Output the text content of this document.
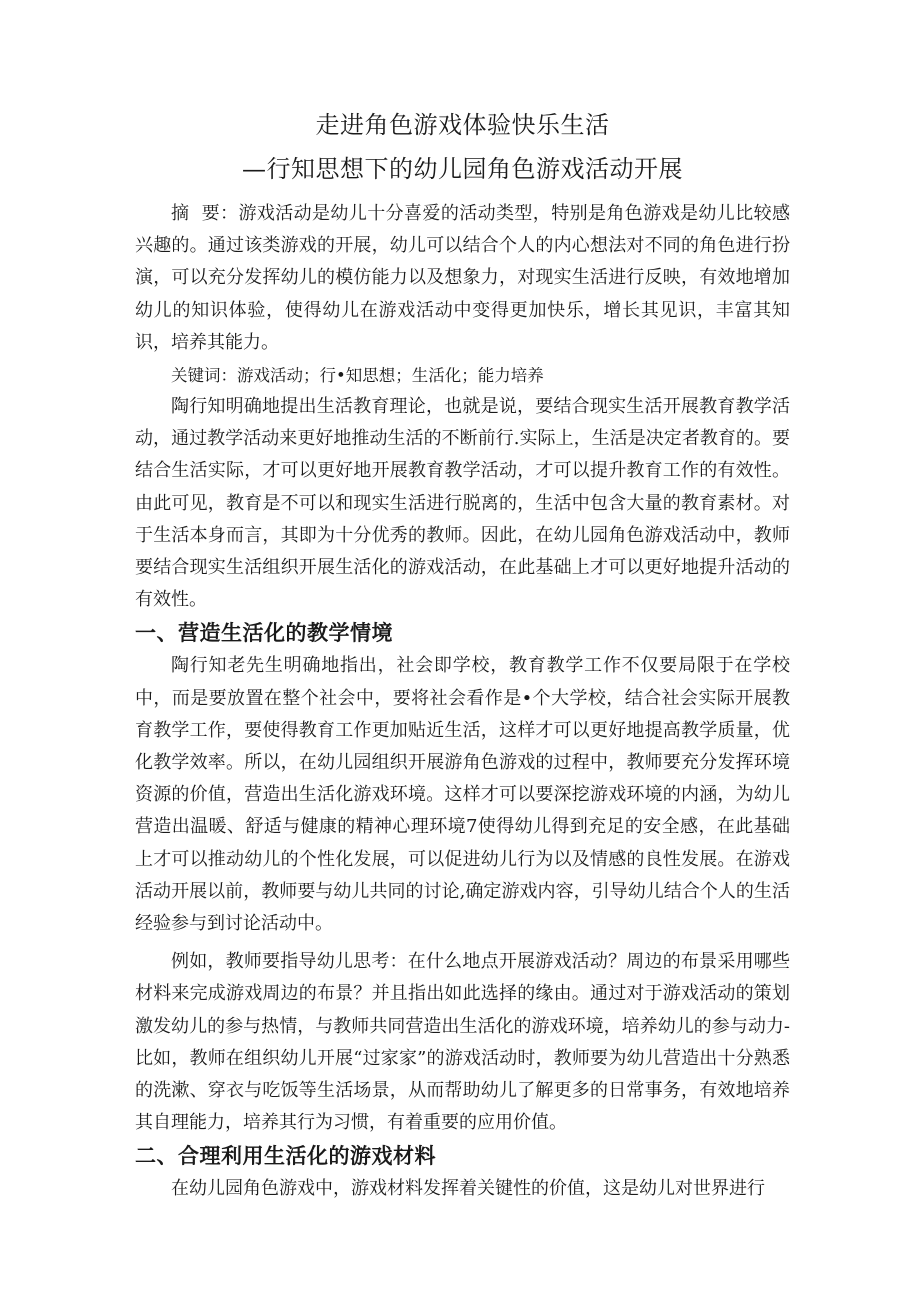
走进角色游戏体验快乐生活
—行知思想下的幼儿园角色游戏活动开展

摘  要：游戏活动是幼儿十分喜爱的活动类型，特别是角色游戏是幼儿比较感兴趣的。通过该类游戏的开展，幼儿可以结合个人的内心想法对不同的角色进行扮演，可以充分发挥幼儿的模仿能力以及想象力，对现实生活进行反映，有效地增加幼儿的知识体验，使得幼儿在游戏活动中变得更加快乐，增长其见识，丰富其知识，培养其能力。

关键词：游戏活动；行•知思想；生活化；能力培养

陶行知明确地提出生活教育理论，也就是说，要结合现实生活开展教育教学活动，通过教学活动来更好地推动生活的不断前行.实际上，生活是决定者教育的。要结合生活实际，才可以更好地开展教育教学活动，才可以提升教育工作的有效性。由此可见，教育是不可以和现实生活进行脱离的，生活中包含大量的教育素材。对于生活本身而言，其即为十分优秀的教师。因此，在幼儿园角色游戏活动中，教师要结合现实生活组织开展生活化的游戏活动，在此基础上才可以更好地提升活动的有效性。

一、营造生活化的教学情境

陶行知老先生明确地指出，社会即学校，教育教学工作不仅要局限于在学校中，而是要放置在整个社会中，要将社会看作是•个大学校，结合社会实际开展教育教学工作，要使得教育工作更加贴近生活，这样才可以更好地提高教学质量，优化教学效率。所以，在幼儿园组织开展游角色游戏的过程中，教师要充分发挥环境资源的价值，营造出生活化游戏环境。这样才可以要深挖游戏环境的内涵，为幼儿营造出温暖、舒适与健康的精神心理环境7使得幼儿得到充足的安全感，在此基础上才可以推动幼儿的个性化发展，可以促进幼儿行为以及情感的良性发展。在游戏活动开展以前，教师要与幼儿共同的讨论,确定游戏内容，引导幼儿结合个人的生活经验参与到讨论活动中。

例如，教师要指导幼儿思考：在什么地点开展游戏活动？周边的布景采用哪些材料来完成游戏周边的布景？并且指出如此选择的缘由。通过对于游戏活动的策划激发幼儿的参与热情，与教师共同营造出生活化的游戏环境，培养幼儿的参与动力-比如，教师在组织幼儿开展“过家家”的游戏活动时，教师要为幼儿营造出十分熟悉的洗漱、穿衣与吃饭等生活场景，从而帮助幼儿了解更多的日常事务，有效地培养其自理能力，培养其行为习惯，有着重要的应用价值。

二、合理利用生活化的游戏材料

在幼儿园角色游戏中，游戏材料发挥着关键性的价值，这是幼儿对世界进行
